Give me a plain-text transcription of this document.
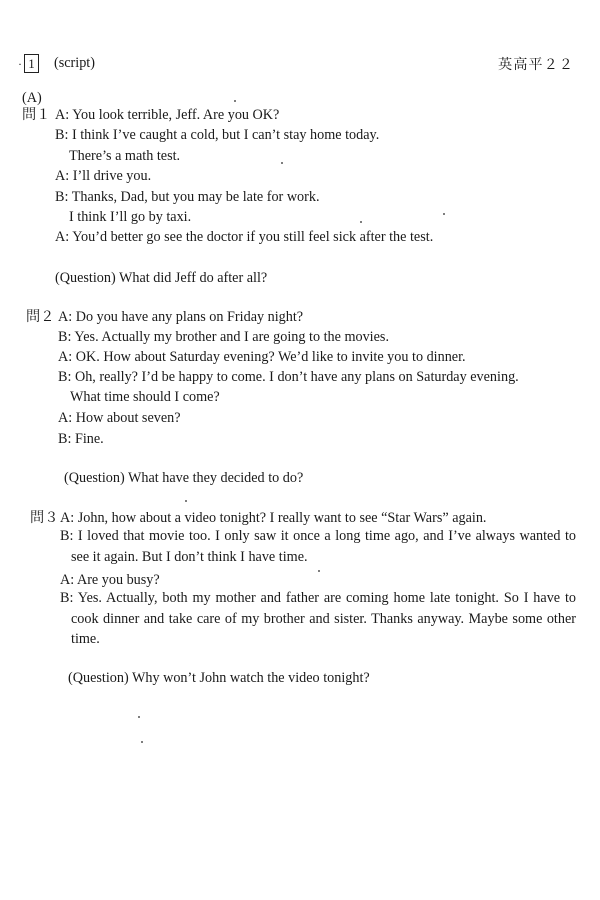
· 1 (script)	英高平２２
(A)
問１ A: You look terrible, Jeff. Are you OK?
B: I think I’ve caught a cold, but I can’t stay home today.
There’s a math test.
A: I’ll drive you.
B: Thanks, Dad, but you may be late for work.
I think I’ll go by taxi.
A: You’d better go see the doctor if you still feel sick after the test.
(Question) What did Jeff do after all?
問２ A: Do you have any plans on Friday night?
B: Yes. Actually my brother and I are going to the movies.
A: OK. How about Saturday evening? We’d like to invite you to dinner.
B: Oh, really? I’d be happy to come. I don’t have any plans on Saturday evening.
What time should I come?
A: How about seven?
B: Fine.
(Question) What have they decided to do?
問３ A: John, how about a video tonight? I really want to see “Star Wars” again.
B: I loved that movie too. I only saw it once a long time ago, and I’ve always wanted to see it again. But I don’t think I have time.
A: Are you busy?
B: Yes. Actually, both my mother and father are coming home late tonight. So I have to cook dinner and take care of my brother and sister. Thanks anyway. Maybe some other time.
(Question) Why won’t John watch the video tonight?
